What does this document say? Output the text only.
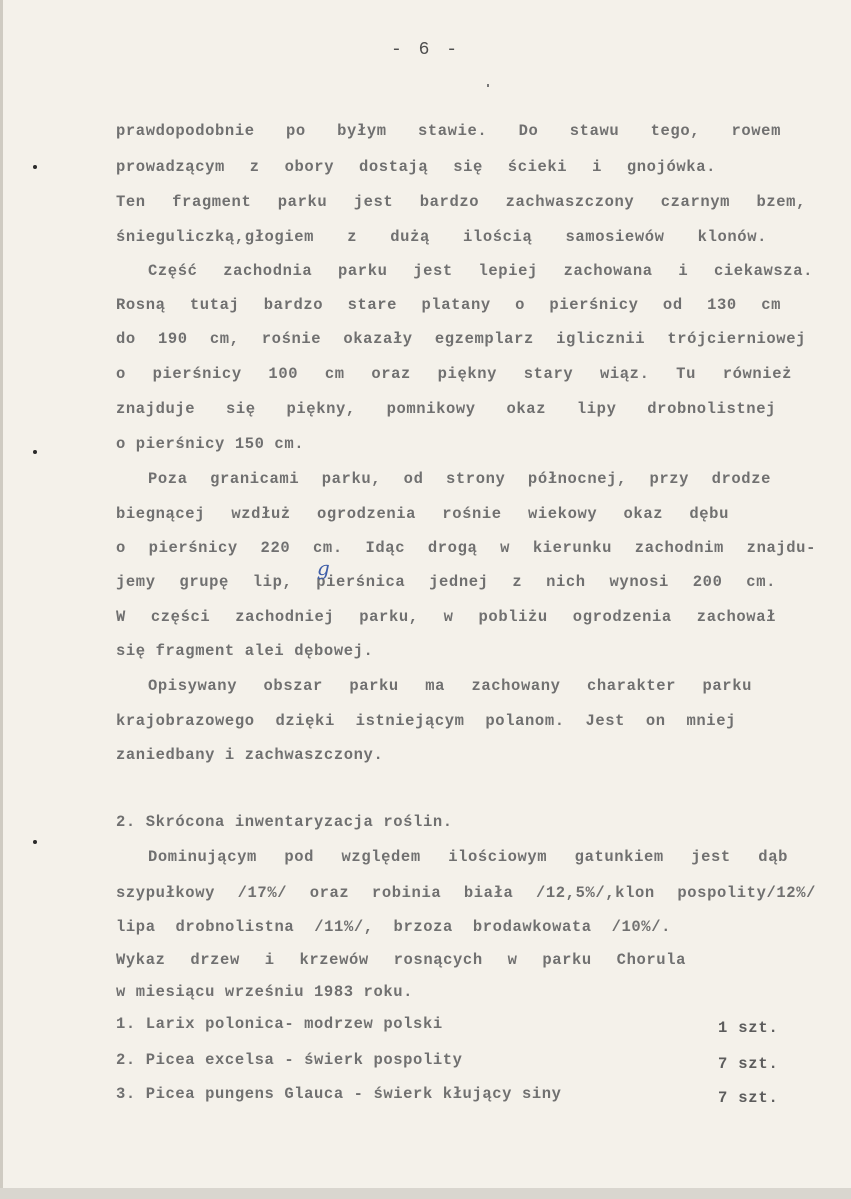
- 6 -
prawdopodobnie po byłym stawie. Do stawu tego, rowem
prowadzącym z obory dostają się ścieki i gnojówka.
Ten fragment parku jest bardzo zachwaszczony czarnym bzem,
śnieguliczką,głogiem z dużą ilością samosiewów klonów.
Część zachodnia parku jest lepiej zachowana i ciekawsza.
Rosną tutaj bardzo stare platany o pierśnicy od 130 cm
do 190 cm, rośnie okazały egzemplarz iglicznii trójcierniowej
o pierśnicy 100 cm oraz piękny stary wiąz. Tu również
znajduje się piękny, pomnikowy okaz lipy drobnolistnej
o pierśnicy 150 cm.
Poza granicami parku, od strony północnej, przy drodze
biegnącej wzdłuż ogrodzenia rośnie wiekowy okaz dębu
o pierśnicy 220 cm. Idąc drogą w kierunku zachodnim znajdu-
jemy grupę lip, pierśnica jednej z nich wynosi 200 cm.
W części zachodniej parku, w pobliżu ogrodzenia zachował
się fragment alei dębowej.
g
Opisywany obszar parku ma zachowany charakter parku
krajobrazowego dzięki istniejącym polanom. Jest on mniej
zaniedbany i zachwaszczony.
2. Skrócona inwentaryzacja roślin.
Dominującym pod względem ilościowym gatunkiem jest dąb
szypułkowy /17%/ oraz robinia biała /12,5%/,klon pospolity/12%/
lipa drobnolistna /11%/, brzoza brodawkowata /10%/.
Wykaz drzew i krzewów rosnących w parku Chorula
w miesiącu wrześniu 1983 roku.
1. Larix polonica- modrzew polski	1 szt.
2. Picea excelsa - świerk pospolity	7 szt.
3. Picea pungens Glauca - świerk kłujący siny	7 szt.
